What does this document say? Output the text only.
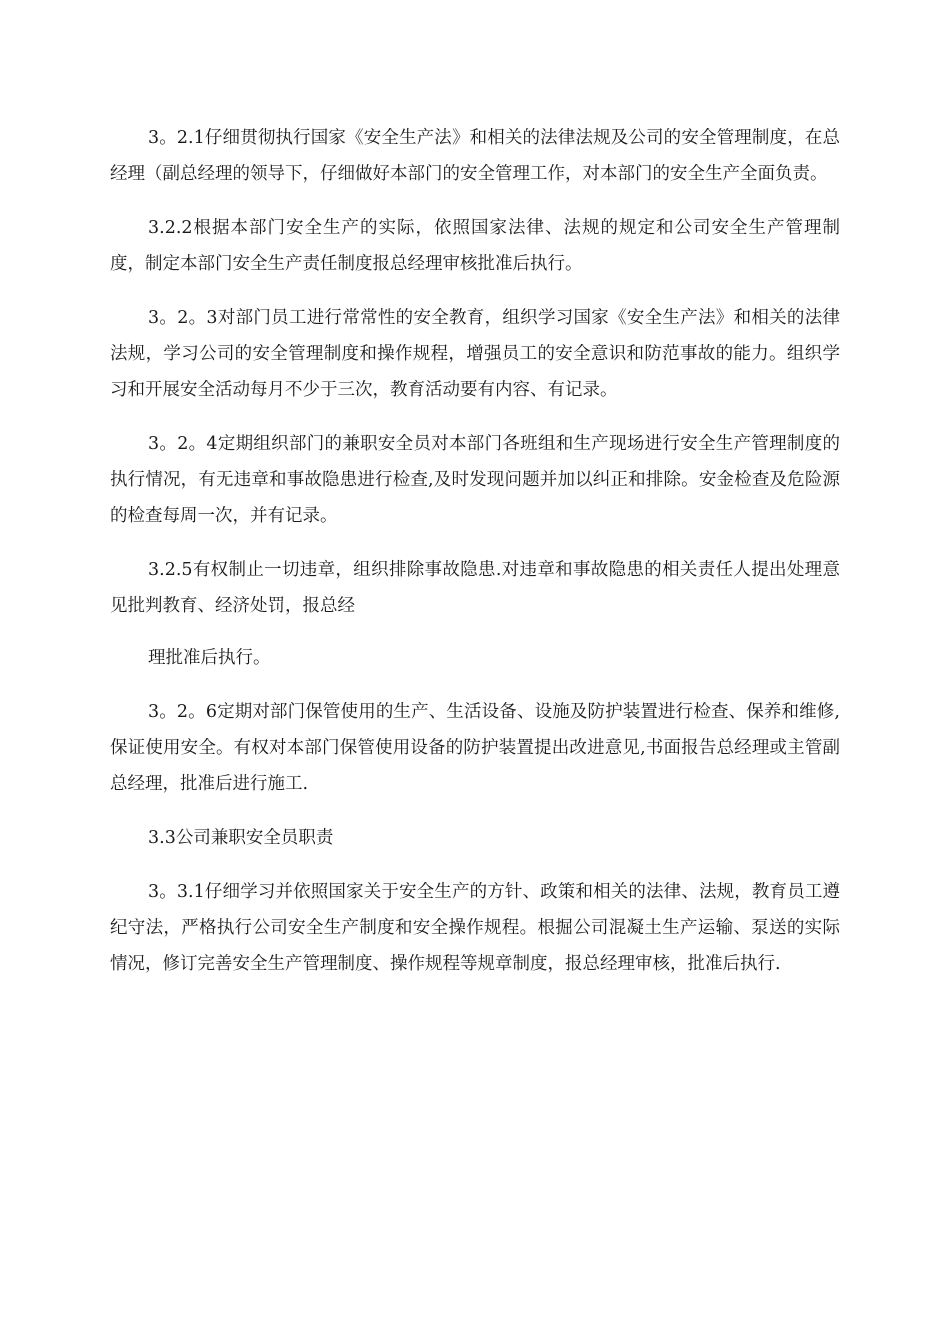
3。2.1仔细贯彻执行国家《安全生产法》和相关的法律法规及公司的安全管理制度，在总经理（副总经理的领导下，仔细做好本部门的安全管理工作，对本部门的安全生产全面负责。

3.2.2根据本部门安全生产的实际，依照国家法律、法规的规定和公司安全生产管理制度，制定本部门安全生产责任制度报总经理审核批准后执行。

3。2。3对部门员工进行常常性的安全教育，组织学习国家《安全生产法》和相关的法律法规，学习公司的安全管理制度和操作规程，增强员工的安全意识和防范事故的能力。组织学习和开展安全活动每月不少于三次，教育活动要有内容、有记录。

3。2。4定期组织部门的兼职安全员对本部门各班组和生产现场进行安全生产管理制度的执行情况，有无违章和事故隐患进行检查,及时发现问题并加以纠正和排除。安金检查及危险源的检查每周一次，并有记录。

3.2.5有权制止一切违章，组织排除事故隐患.对违章和事故隐患的相关责任人提出处理意见批判教育、经济处罚，报总经

理批准后执行。

3。2。6定期对部门保管使用的生产、生活设备、设施及防护装置进行检查、保养和维修,保证使用安全。有权对本部门保管使用设备的防护装置提出改进意见,书面报告总经理或主管副总经理，批准后进行施工.

3.3公司兼职安全员职责

3。3.1仔细学习并依照国家关于安全生产的方针、政策和相关的法律、法规，教育员工遵纪守法，严格执行公司安全生产制度和安全操作规程。根掘公司混凝土生产运输、泵送的实际情况，修订完善安全生产管理制度、操作规程等规章制度，报总经理审核，批准后执行.
